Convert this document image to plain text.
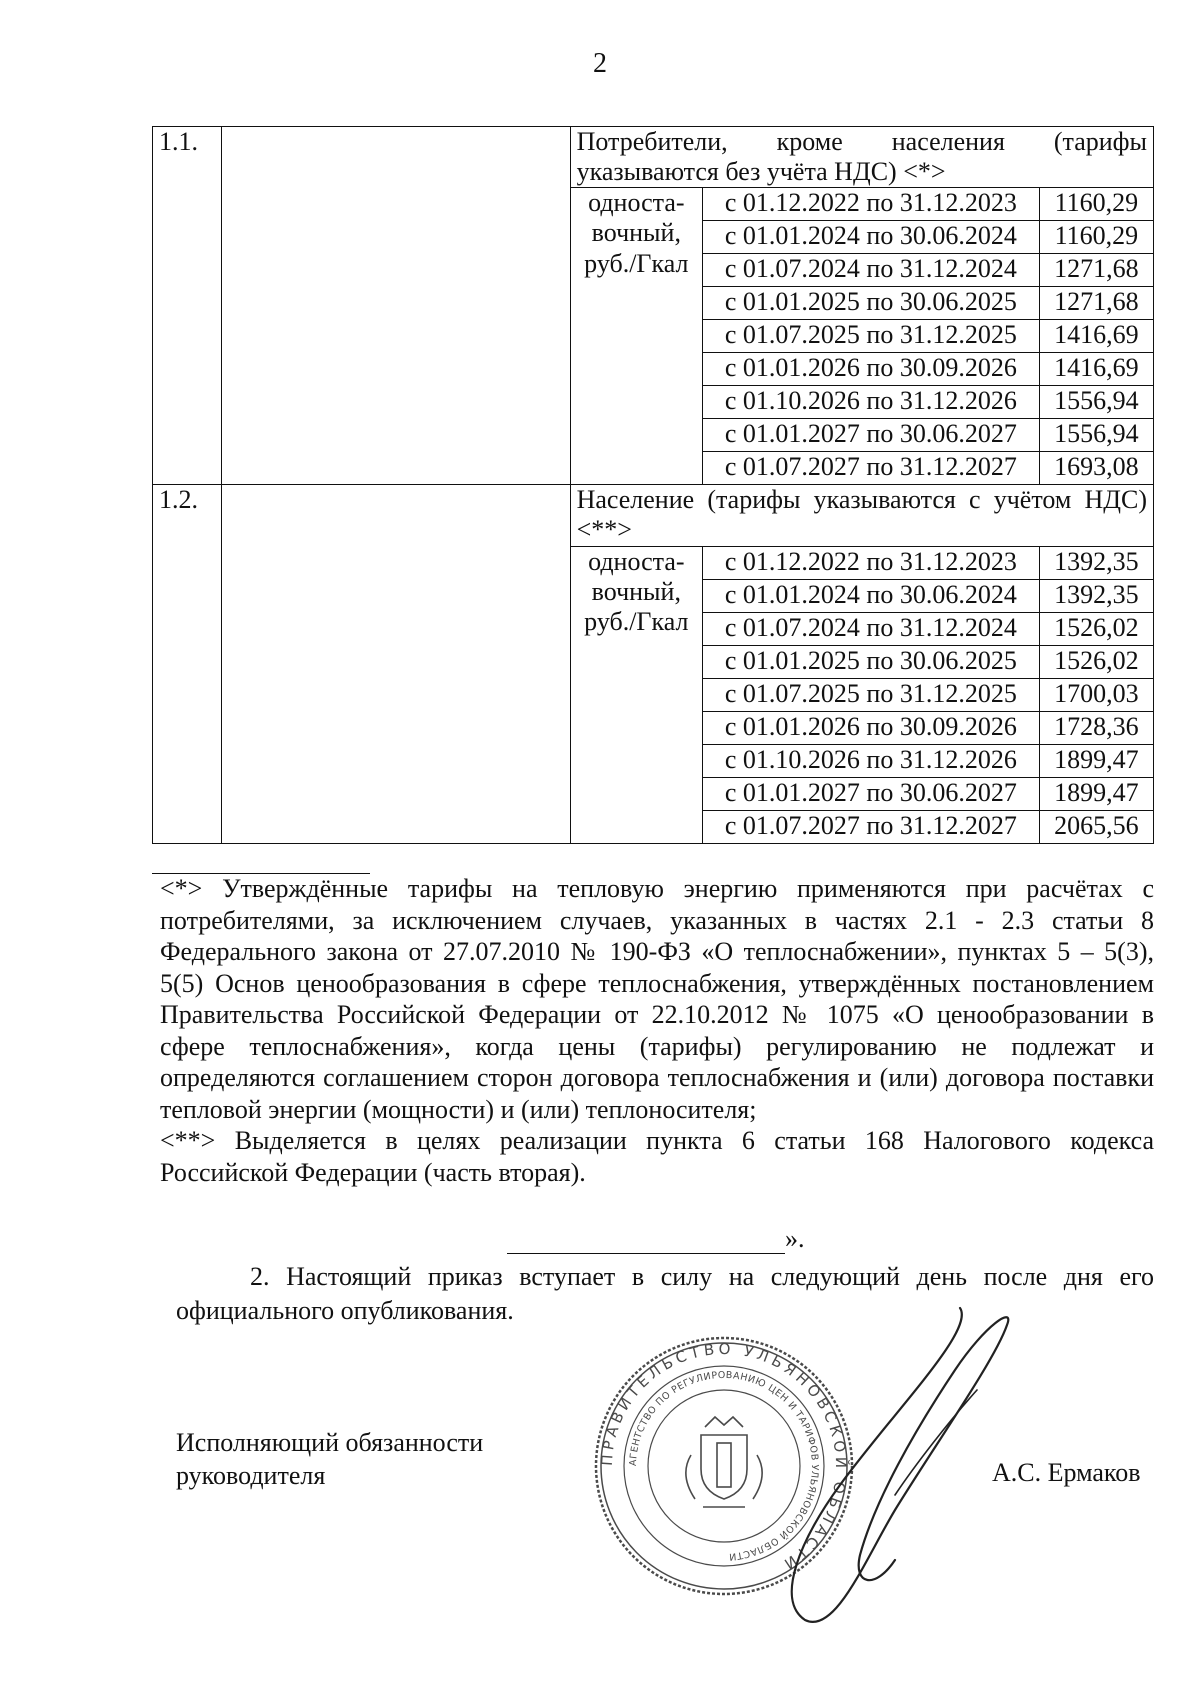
2
1.1.		Потребители, кроме населения (тарифы указываются без учёта НДС) <*>		
		односта-вочный, руб./Гкал	с 01.12.2022 по 31.12.2023	1160,29
			с 01.01.2024 по 30.06.2024	1160,29
			с 01.07.2024 по 31.12.2024	1271,68
			с 01.01.2025 по 30.06.2025	1271,68
			с 01.07.2025 по 31.12.2025	1416,69
			с 01.01.2026 по 30.09.2026	1416,69
			с 01.10.2026 по 31.12.2026	1556,94
			с 01.01.2027 по 30.06.2027	1556,94
			с 01.07.2027 по 31.12.2027	1693,08
1.2.		Население (тарифы указываются с учётом НДС) <**>		
		односта-вочный, руб./Гкал	с 01.12.2022 по 31.12.2023	1392,35
			с 01.01.2024 по 30.06.2024	1392,35
			с 01.07.2024 по 31.12.2024	1526,02
			с 01.01.2025 по 30.06.2025	1526,02
			с 01.07.2025 по 31.12.2025	1700,03
			с 01.01.2026 по 30.09.2026	1728,36
			с 01.10.2026 по 31.12.2026	1899,47
			с 01.01.2027 по 30.06.2027	1899,47
			с 01.07.2027 по 31.12.2027	2065,56
<*> Утверждённые тарифы на тепловую энергию применяются при расчётах с потребителями, за исключением случаев, указанных в частях 2.1 - 2.3 статьи 8 Федерального закона от 27.07.2010 № 190-ФЗ «О теплоснабжении», пунктах 5 – 5(3), 5(5) Основ ценообразования в сфере теплоснабжения, утверждённых постановлением Правительства Российской Федерации от 22.10.2012 № 1075 «О ценообразовании в сфере теплоснабжения», когда цены (тарифы) регулированию не подлежат и определяются соглашением сторон договора теплоснабжения и (или) договора поставки тепловой энергии (мощности) и (или) теплоносителя;
<**> Выделяется в целях реализации пункта 6 статьи 168 Налогового кодекса Российской Федерации (часть вторая).
».
2. Настоящий приказ вступает в силу на следующий день после дня его официального опубликования.
Исполняющий обязанности руководителя	А.С. Ермаков
ПРАВИТЕЛЬСТВО УЛЬЯНОВСКОЙ ОБЛАСТИ
АГЕНТСТВО ПО РЕГУЛИРОВАНИЮ ЦЕН И ТАРИФОВ УЛЬЯНОВСКОЙ ОБЛАСТИ
